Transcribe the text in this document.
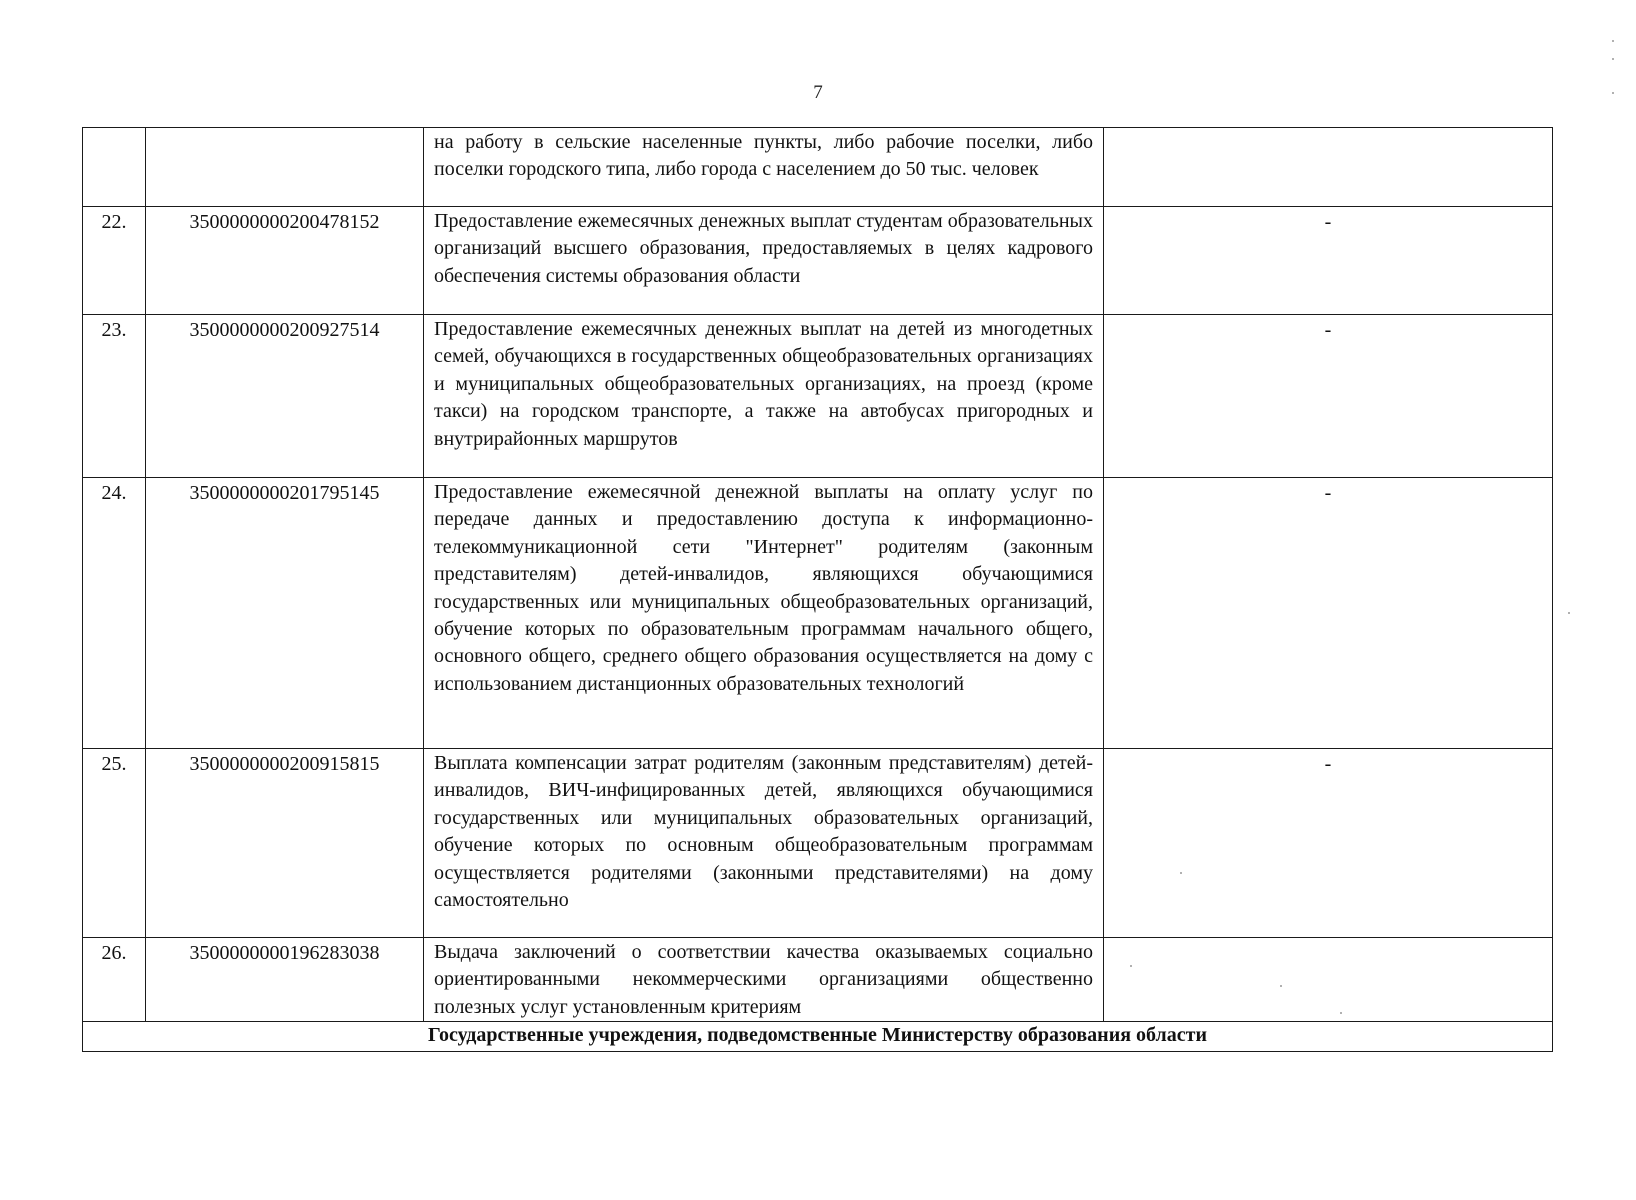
7
		на работу в сельские населенные пункты, либо рабочие поселки, либо поселки городского типа, либо города с населением до 50 тыс. человек	
22.	3500000000200478152	Предоставление ежемесячных денежных выплат студентам образовательных организаций высшего образования, предоставляемых в целях кадрового обеспечения системы образования области	-
23.	3500000000200927514	Предоставление ежемесячных денежных выплат на детей из многодетных семей, обучающихся в государственных общеобразовательных организациях и муниципальных общеобразовательных организациях, на проезд (кроме такси) на городском транспорте, а также на автобусах пригородных и внутрирайонных маршрутов	-
24.	3500000000201795145	Предоставление ежемесячной денежной выплаты на оплату услуг по передаче данных и предоставлению доступа к информационно-телекоммуникационной сети "Интернет" родителям (законным представителям) детей-инвалидов, являющихся обучающимися государственных или муниципальных общеобразовательных организаций, обучение которых по образовательным программам начального общего, основного общего, среднего общего образования осуществляется на дому с использованием дистанционных образовательных технологий	-
25.	3500000000200915815	Выплата компенсации затрат родителям (законным представителям) детей-инвалидов, ВИЧ-инфицированных детей, являющихся обучающимися государственных или муниципальных образовательных организаций, обучение которых по основным общеобразовательным программам осуществляется родителями (законными представителями) на дому самостоятельно	-
26.	3500000000196283038	Выдача заключений о соответствии качества оказываемых социально ориентированными некоммерческими организациями общественно полезных услуг установленным критериям	
Государственные учреждения, подведомственные Министерству образования области			
